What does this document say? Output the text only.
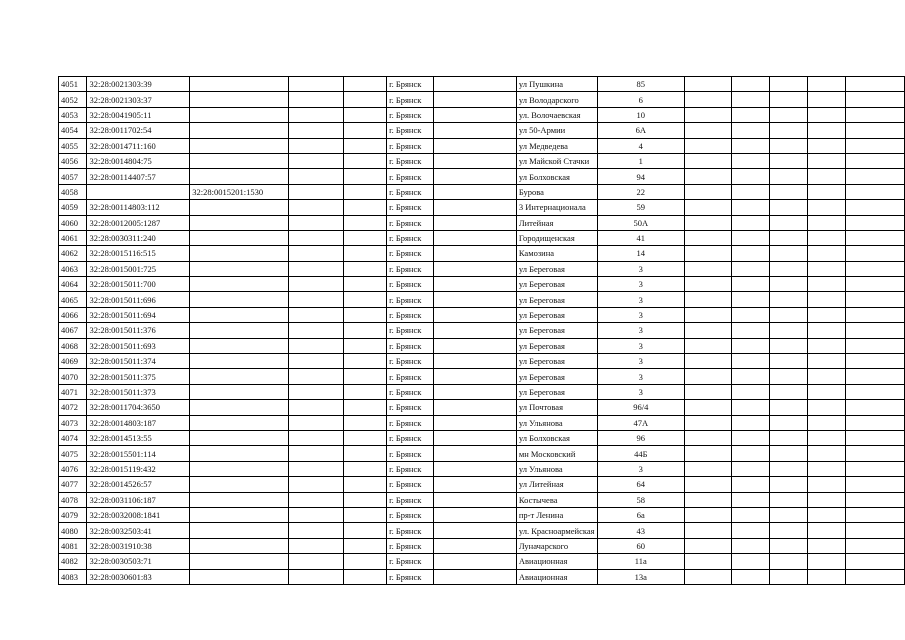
4051	32:28:0021303:39				г. Брянск		ул Пушкина	85					
4052	32:28:0021303:37				г. Брянск		ул Володарского	6					
4053	32:28:0041905:11				г. Брянск		ул. Волочаевская	10					
4054	32:28:0011702:54				г. Брянск		ул 50-Армии	6А					
4055	32:28:0014711:160				г. Брянск		ул Медведева	4					
4056	32:28:0014804:75				г. Брянск		ул Майской Стачки	1					
4057	32:28:00114407:57				г. Брянск		ул Болховская	94					
4058		32:28:0015201:1530			г. Брянск		Бурова	22					
4059	32:28:00114803:112				г. Брянск		3 Интернационала	59					
4060	32:28:0012005:1287				г. Брянск		Литейная	50А					
4061	32:28:0030311:240				г. Брянск		Городищенская	41					
4062	32:28:0015116:515				г. Брянск		Камозина	14					
4063	32:28:0015001:725				г. Брянск		ул Береговая	3					
4064	32:28:0015011:700				г. Брянск		ул Береговая	3					
4065	32:28:0015011:696				г. Брянск		ул Береговая	3					
4066	32:28:0015011:694				г. Брянск		ул Береговая	3					
4067	32:28:0015011:376				г. Брянск		ул Береговая	3					
4068	32:28:0015011:693				г. Брянск		ул Береговая	3					
4069	32:28:0015011:374				г. Брянск		ул Береговая	3					
4070	32:28:0015011:375				г. Брянск		ул Береговая	3					
4071	32:28:0015011:373				г. Брянск		ул Береговая	3					
4072	32:28:0011704:3650				г. Брянск		ул Почтовая	96/4					
4073	32:28:0014803:187				г. Брянск		ул Ульянова	47А					
4074	32:28:0014513:55				г. Брянск		ул Болховская	96					
4075	32:28:0015501:114				г. Брянск		мн Московский	44Б					
4076	32:28:0015119:432				г. Брянск		ул Ульянова	3					
4077	32:28:0014526:57				г. Брянск		ул Литейная	64					
4078	32:28:0031106:187				г. Брянск		Костычева	58					
4079	32:28:0032008:1841				г. Брянск		пр-т Ленина	6а					
4080	32:28:0032503:41				г. Брянск		ул. Красноармейская	43					
4081	32:28:0031910:38				г. Брянск		Луначарского	60					
4082	32:28:0030503:71				г. Брянск		Авиационная	11а					
4083	32:28:0030601:83				г. Брянск		Авиационная	13а					
